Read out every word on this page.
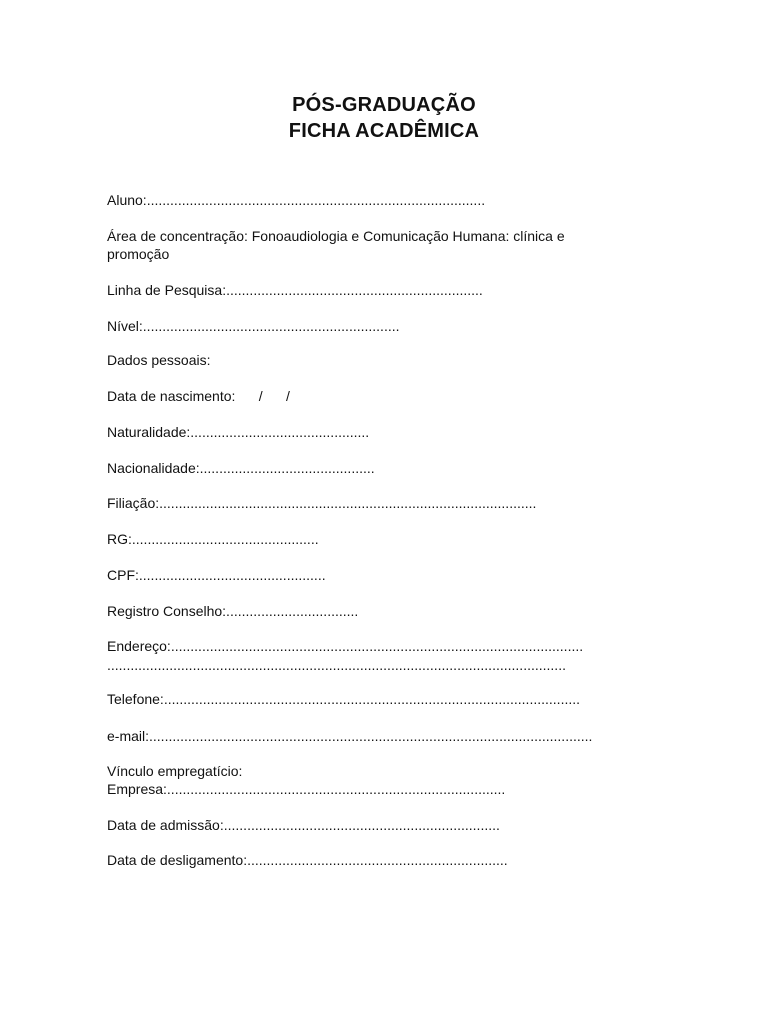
PÓS-GRADUAÇÃO
FICHA ACADÊMICA
Aluno:.......................................................................................
Área de concentração: Fonoaudiologia e Comunicação Humana: clínica e
promoção
Linha de Pesquisa:..................................................................
Nível:..................................................................
Dados pessoais:
Data de nascimento:      /      /
Naturalidade:..............................................
Nacionalidade:.............................................
Filiação:.................................................................................................
RG:................................................
CPF:................................................
Registro Conselho:..................................
Endereço:..........................................................................................................
......................................................................................................................
Telefone:...........................................................................................................
e-mail:..................................................................................................................
Vínculo empregatício:
Empresa:.......................................................................................
Data de admissão:.......................................................................
Data de desligamento:...................................................................
